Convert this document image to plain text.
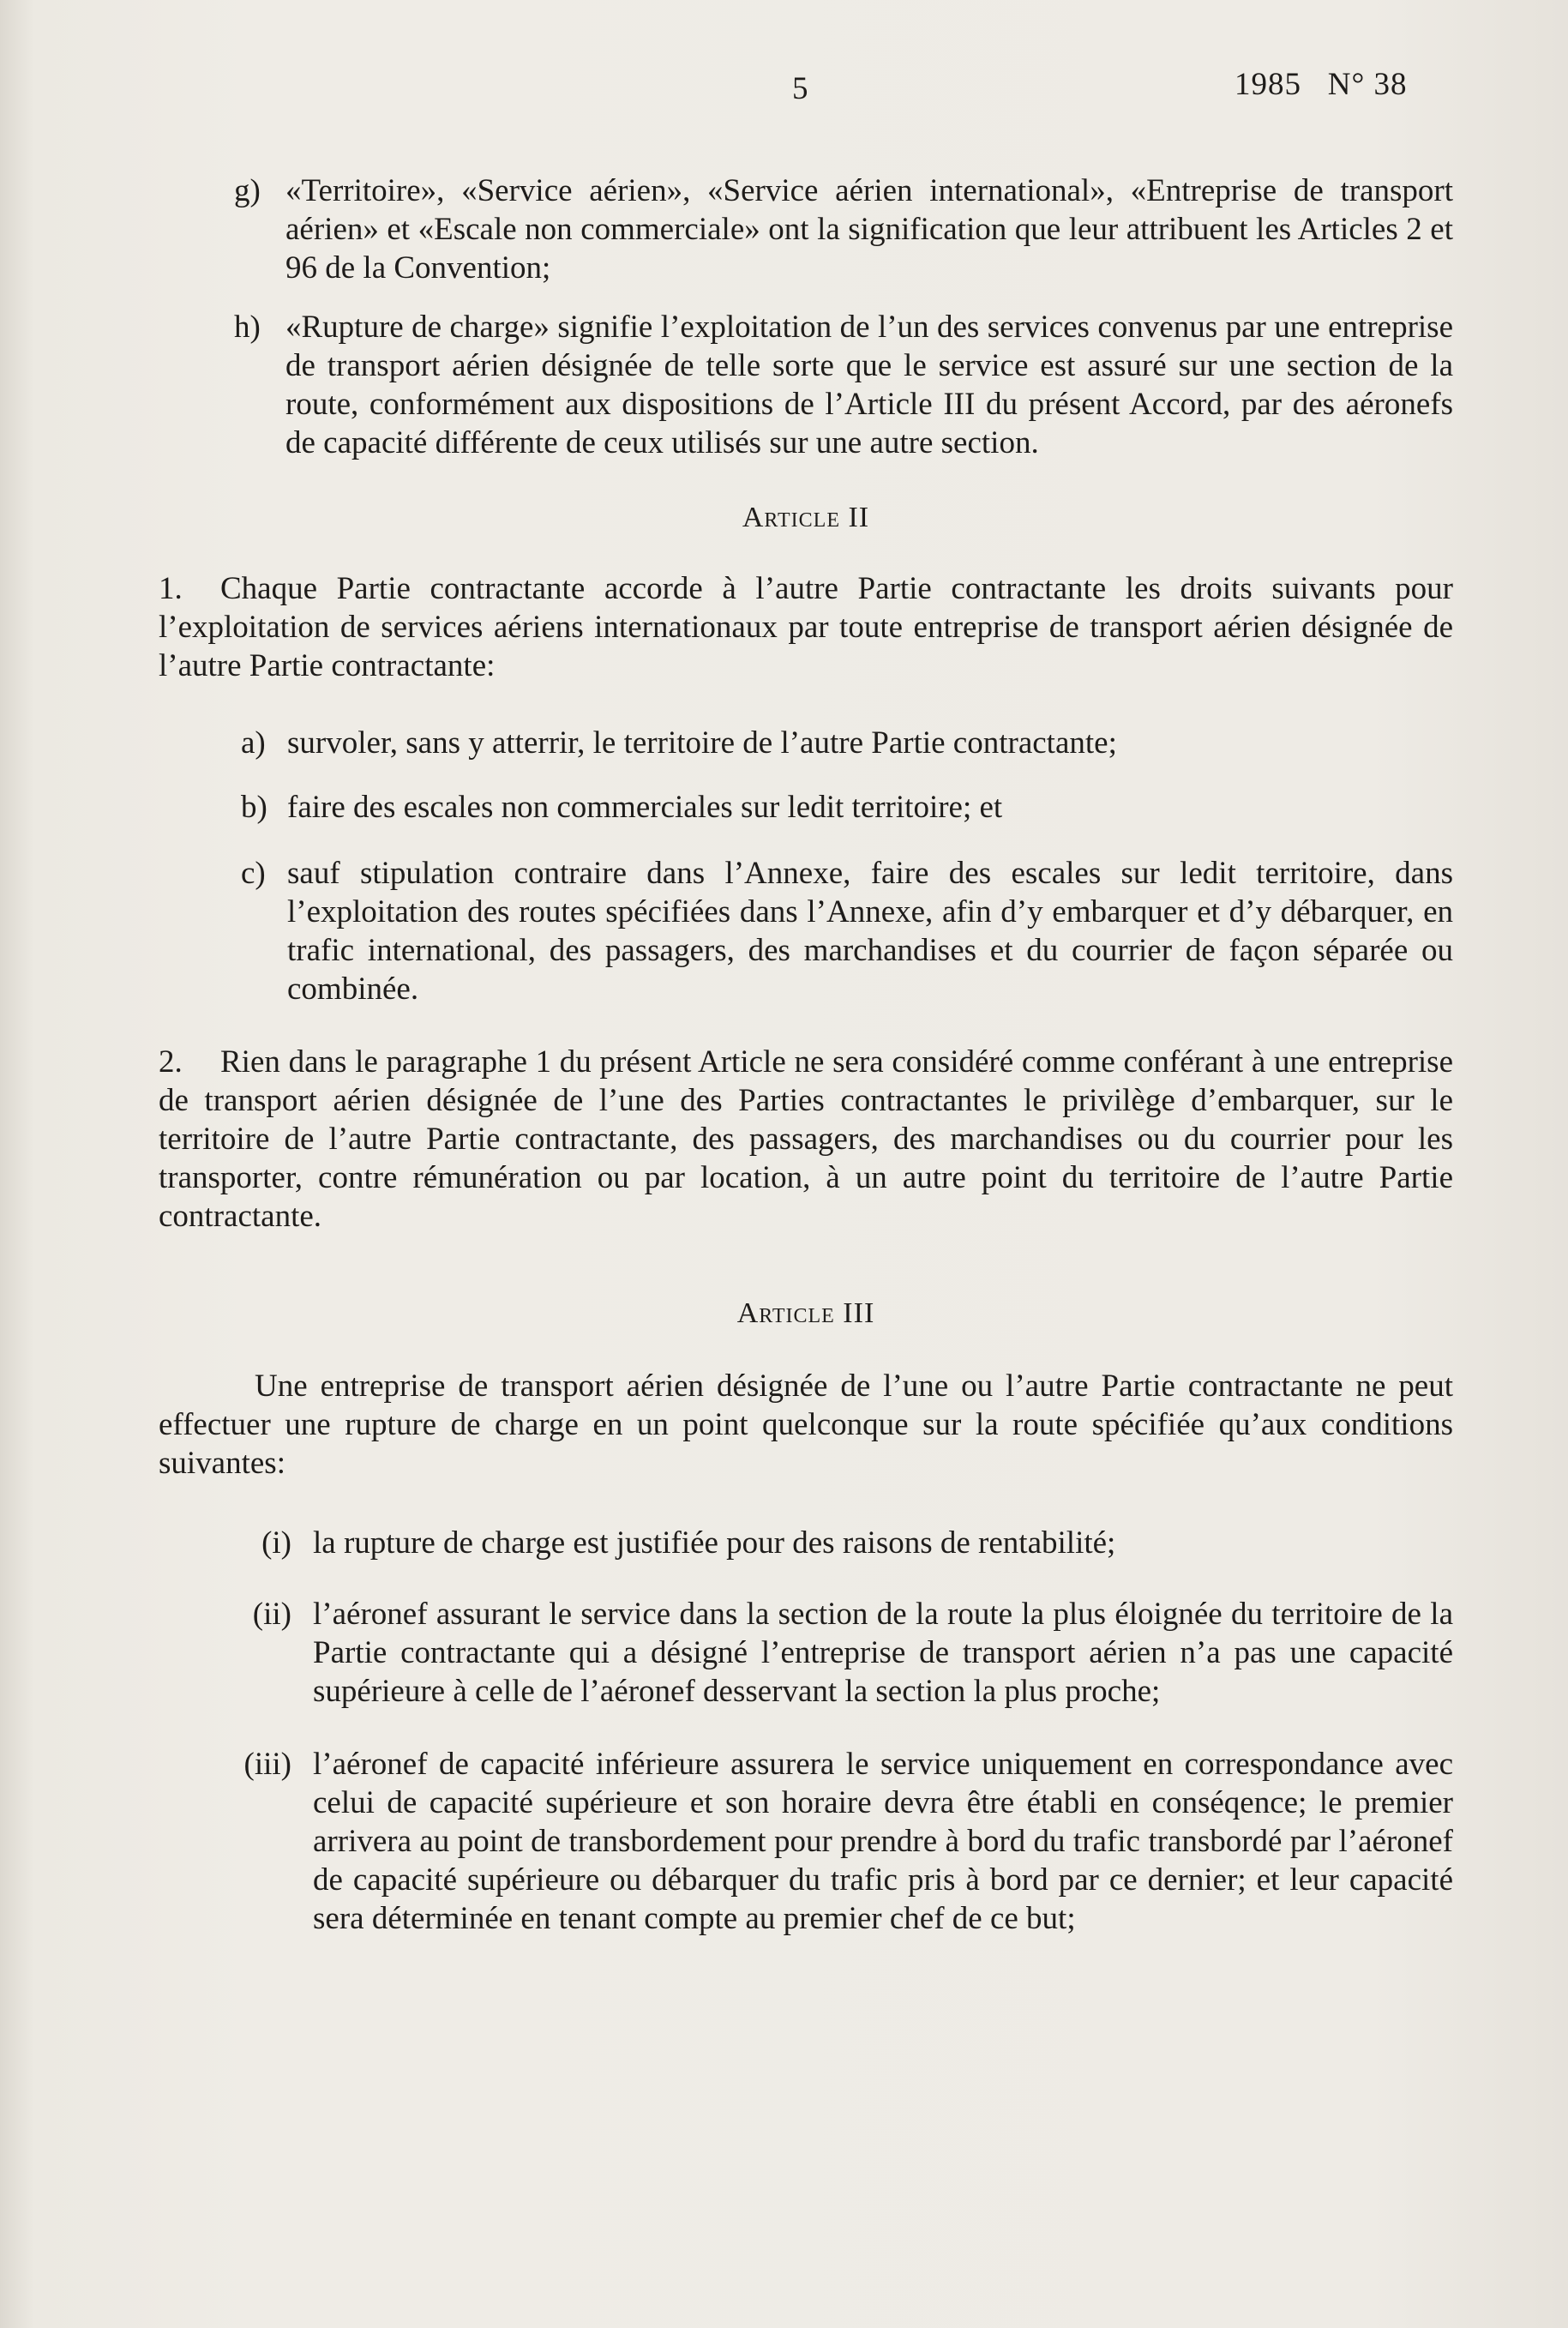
5	1985   N° 38
g) «Territoire», «Service aérien», «Service aérien international», «Entreprise de transport aérien» et «Escale non commerciale» ont la signification que leur attribuent les Articles 2 et 96 de la Convention;
h) «Rupture de charge» signifie l’exploitation de l’un des services convenus par une entreprise de transport aérien désignée de telle sorte que le service est assuré sur une section de la route, conformément aux dispositions de l’Article III du présent Accord, par des aéronefs de capacité différente de ceux utilisés sur une autre section.

Article II

1. Chaque Partie contractante accorde à l’autre Partie contractante les droits suivants pour l’exploitation de services aériens internationaux par toute entreprise de transport aérien désignée de l’autre Partie contractante:
a) survoler, sans y atterrir, le territoire de l’autre Partie contractante;
b) faire des escales non commerciales sur ledit territoire; et
c) sauf stipulation contraire dans l’Annexe, faire des escales sur ledit territoire, dans l’exploitation des routes spécifiées dans l’Annexe, afin d’y embarquer et d’y débarquer, en trafic international, des passagers, des marchandises et du courrier de façon séparée ou combinée.
2. Rien dans le paragraphe 1 du présent Article ne sera considéré comme conférant à une entreprise de transport aérien désignée de l’une des Parties contractantes le privilège d’embarquer, sur le territoire de l’autre Partie contractante, des passagers, des marchandises ou du courrier pour les transporter, contre rémunération ou par location, à un autre point du territoire de l’autre Partie contractante.

Article III

Une entreprise de transport aérien désignée de l’une ou l’autre Partie contractante ne peut effectuer une rupture de charge en un point quelconque sur la route spécifiée qu’aux conditions suivantes:
(i) la rupture de charge est justifiée pour des raisons de rentabilité;
(ii) l’aéronef assurant le service dans la section de la route la plus éloignée du territoire de la Partie contractante qui a désigné l’entreprise de transport aérien n’a pas une capacité supérieure à celle de l’aéronef desservant la section la plus proche;
(iii) l’aéronef de capacité inférieure assurera le service uniquement en correspondance avec celui de capacité supérieure et son horaire devra être établi en conséqence; le premier arrivera au point de transbordement pour prendre à bord du trafic transbordé par l’aéronef de capacité supérieure ou débarquer du trafic pris à bord par ce dernier; et leur capacité sera déterminée en tenant compte au premier chef de ce but;
